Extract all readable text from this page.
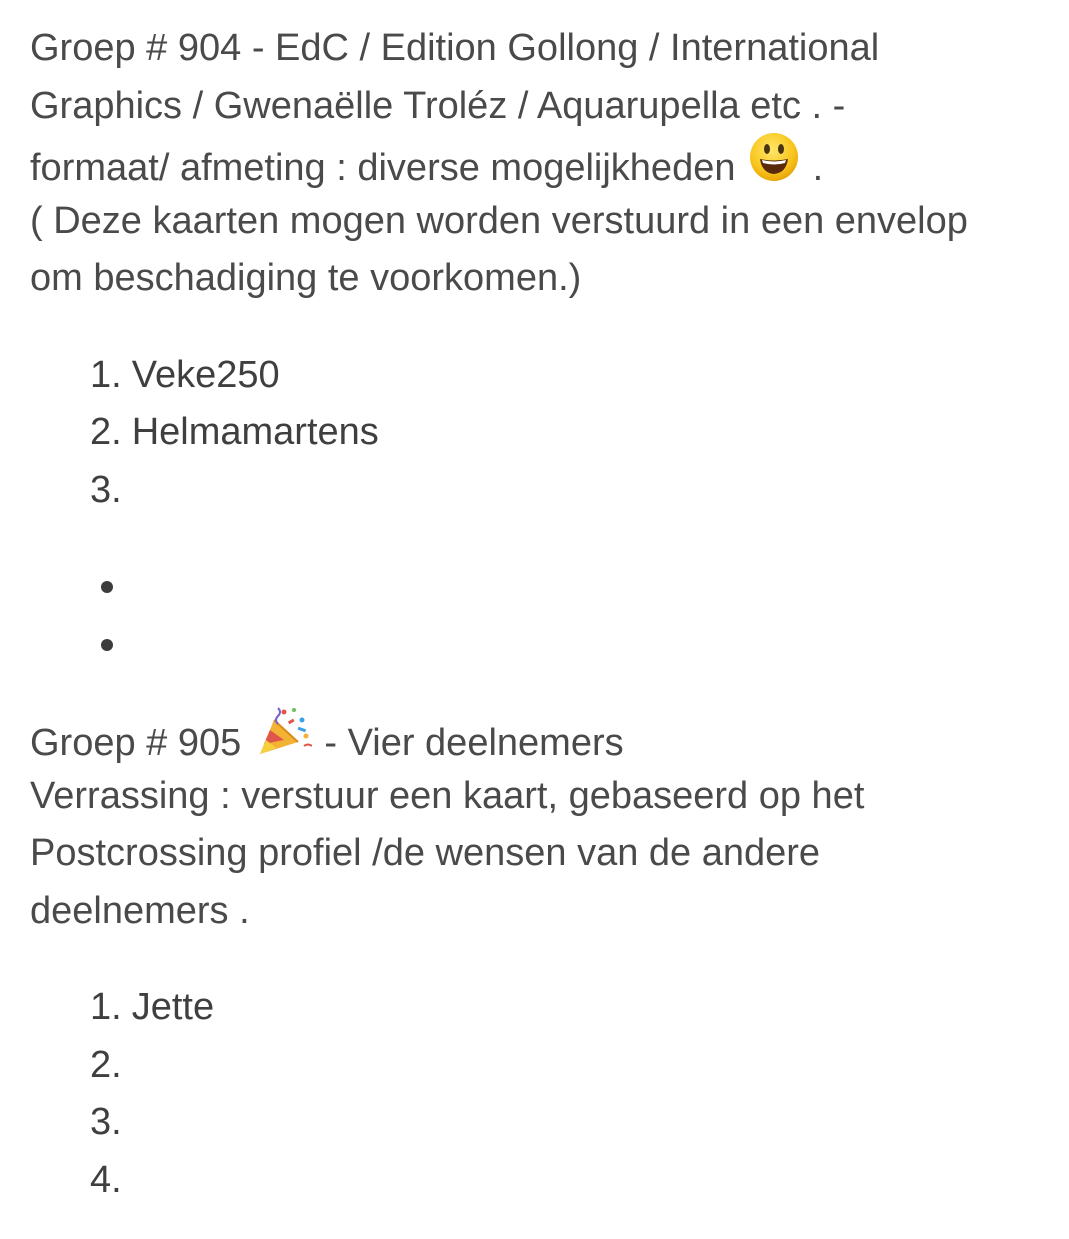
Groep # 904 - EdC / Edition Gollong / International
Graphics / Gwenaëlle Troléz / Aquarupella etc . -
formaat/ afmeting : diverse mogelijkheden .
( Deze kaarten mogen worden verstuurd in een envelop
om beschadiging te voorkomen.)
1. Veke250
2. Helmamartens
3.
Groep # 905 - Vier deelnemers
Verrassing : verstuur een kaart, gebaseerd op het
Postcrossing profiel /de wensen van de andere
deelnemers .
1. Jette
2.
3.
4.
